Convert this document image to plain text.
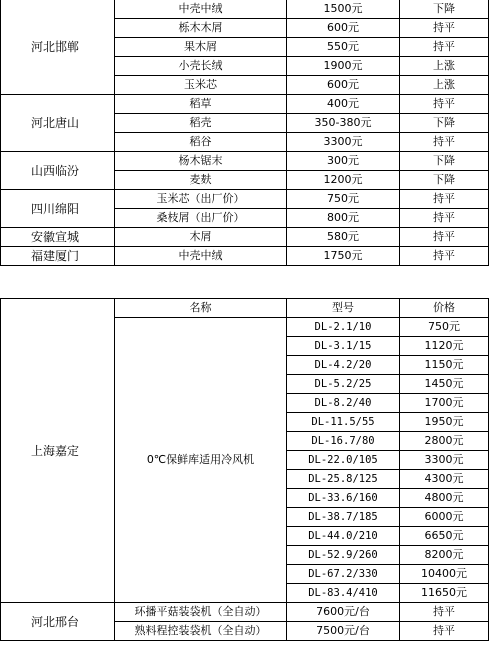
河北邯郸	中壳中绒	1500元	下降
	栎木木屑	600元	持平
	果木屑	550元	持平
	小壳长绒	1900元	上涨
	玉米芯	600元	上涨
河北唐山	稻草	400元	持平
	稻壳	350-380元	下降
	稻谷	3300元	持平
山西临汾	杨木锯末	300元	下降
	麦麸	1200元	下降
四川绵阳	玉米芯（出厂价）	750元	持平
	桑枝屑（出厂价）	800元	持平
安徽宣城	木屑	580元	持平
福建厦门	中壳中绒	1750元	持平
上海嘉定	名称	型号	价格
	0℃保鲜库适用冷风机	DL-2.1/10	750元
		DL-3.1/15	1120元
		DL-4.2/20	1150元
		DL-5.2/25	1450元
		DL-8.2/40	1700元
		DL-11.5/55	1950元
		DL-16.7/80	2800元
		DL-22.0/105	3300元
		DL-25.8/125	4300元
		DL-33.6/160	4800元
		DL-38.7/185	6000元
		DL-44.0/210	6650元
		DL-52.9/260	8200元
		DL-67.2/330	10400元
		DL-83.4/410	11650元
河北邢台	环播平菇装袋机（全自动）	7600元/台	持平
	熟料程控装袋机（全自动）	7500元/台	持平
